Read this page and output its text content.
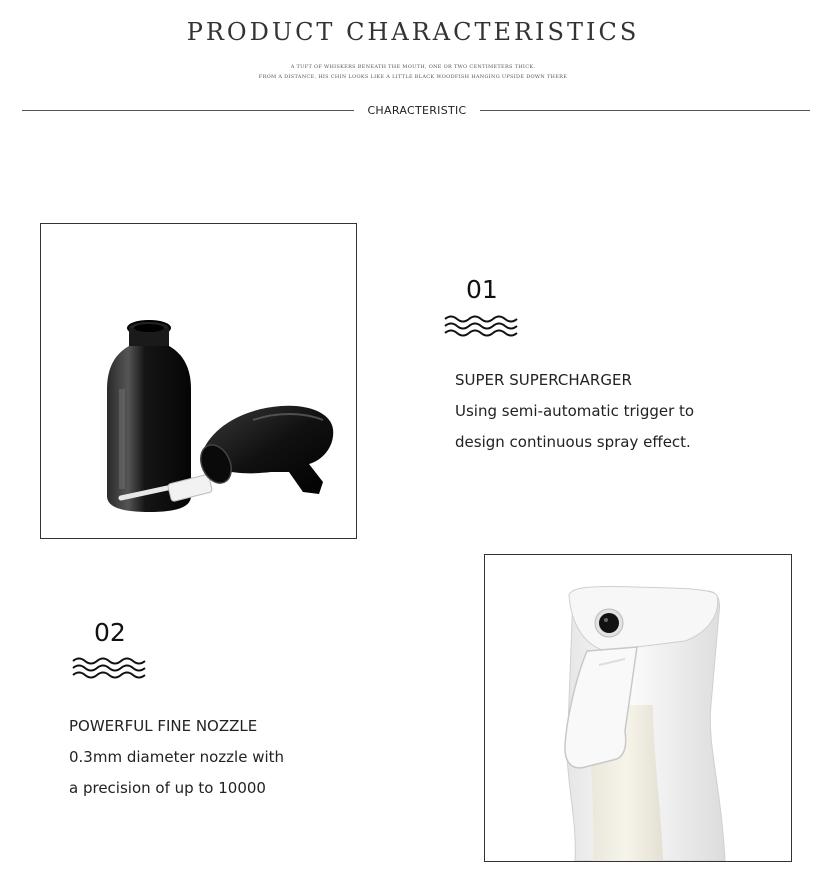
PRODUCT CHARACTERISTICS
A TUFT OF WHISKERS BENEATH THE MOUTH, ONE OR TWO CENTIMETERS THICK.
FROM A DISTANCE, HIS CHIN LOOKS LIKE A LITTLE BLACK WOODFISH HANGING UPSIDE DOWN THERE
CHARACTERISTIC
01
SUPER SUPERCHARGER
Using semi-automatic trigger to
design continuous spray effect.
02
POWERFUL FINE NOZZLE
0.3mm diameter nozzle with
a precision of up to 10000
